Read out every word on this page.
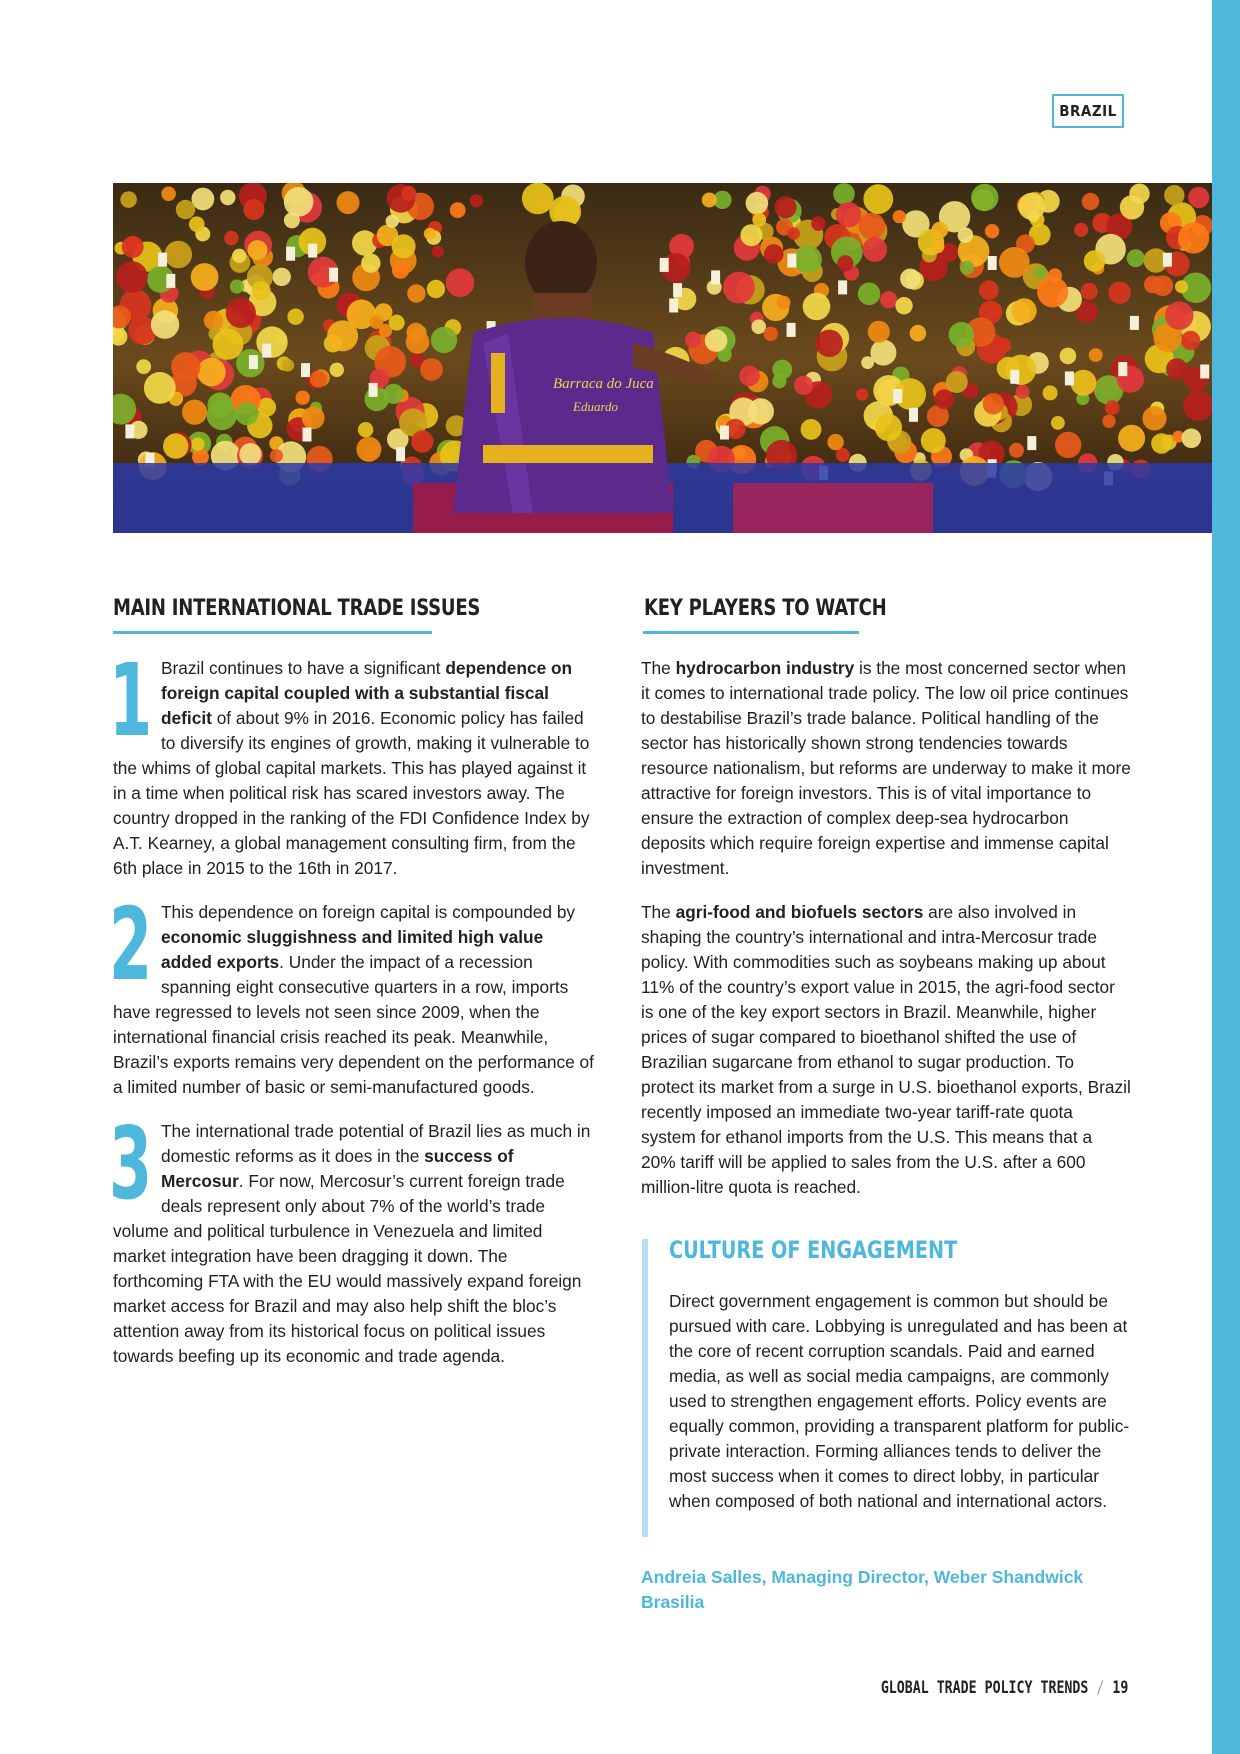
BRAZIL
Barraca do Juca
Eduardo
MAIN INTERNATIONAL TRADE ISSUES	KEY PLAYERS TO WATCH
1 Brazil continues to have a significant dependence on foreign capital coupled with a substantial fiscal deficit of about 9% in 2016. Economic policy has failed to diversify its engines of growth, making it vulnerable to the whims of global capital markets. This has played against it in a time when political risk has scared investors away. The country dropped in the ranking of the FDI Confidence Index by A.T. Kearney, a global management consulting firm, from the 6th place in 2015 to the 16th in 2017.

2 This dependence on foreign capital is compounded by economic sluggishness and limited high value added exports. Under the impact of a recession spanning eight consecutive quarters in a row, imports have regressed to levels not seen since 2009, when the international financial crisis reached its peak. Meanwhile, Brazil’s exports remains very dependent on the performance of a limited number of basic or semi-manufactured goods.

3 The international trade potential of Brazil lies as much in domestic reforms as it does in the success of Mercosur. For now, Mercosur’s current foreign trade deals represent only about 7% of the world’s trade volume and political turbulence in Venezuela and limited market integration have been dragging it down. The forthcoming FTA with the EU would massively expand foreign market access for Brazil and may also help shift the bloc’s attention away from its historical focus on political issues towards beefing up its economic and trade agenda.

The hydrocarbon industry is the most concerned sector when it comes to international trade policy. The low oil price continues to destabilise Brazil’s trade balance. Political handling of the sector has historically shown strong tendencies towards resource nationalism, but reforms are underway to make it more attractive for foreign investors. This is of vital importance to ensure the extraction of complex deep-sea hydrocarbon deposits which require foreign expertise and immense capital investment.

The agri-food and biofuels sectors are also involved in shaping the country’s international and intra-Mercosur trade policy. With commodities such as soybeans making up about 11% of the country’s export value in 2015, the agri-food sector is one of the key export sectors in Brazil. Meanwhile, higher prices of sugar compared to bioethanol shifted the use of Brazilian sugarcane from ethanol to sugar production. To protect its market from a surge in U.S. bioethanol exports, Brazil recently imposed an immediate two-year tariff-rate quota system for ethanol imports from the U.S. This means that a 20% tariff will be applied to sales from the U.S. after a 600 million-litre quota is reached.

CULTURE OF ENGAGEMENT
Direct government engagement is common but should be pursued with care. Lobbying is unregulated and has been at the core of recent corruption scandals. Paid and earned media, as well as social media campaigns, are commonly used to strengthen engagement efforts. Policy events are equally common, providing a transparent platform for public-private interaction. Forming alliances tends to deliver the most success when it comes to direct lobby, in particular when composed of both national and international actors.
Andreia Salles, Managing Director, Weber Shandwick Brasilia
GLOBAL TRADE POLICY TRENDS / 19
